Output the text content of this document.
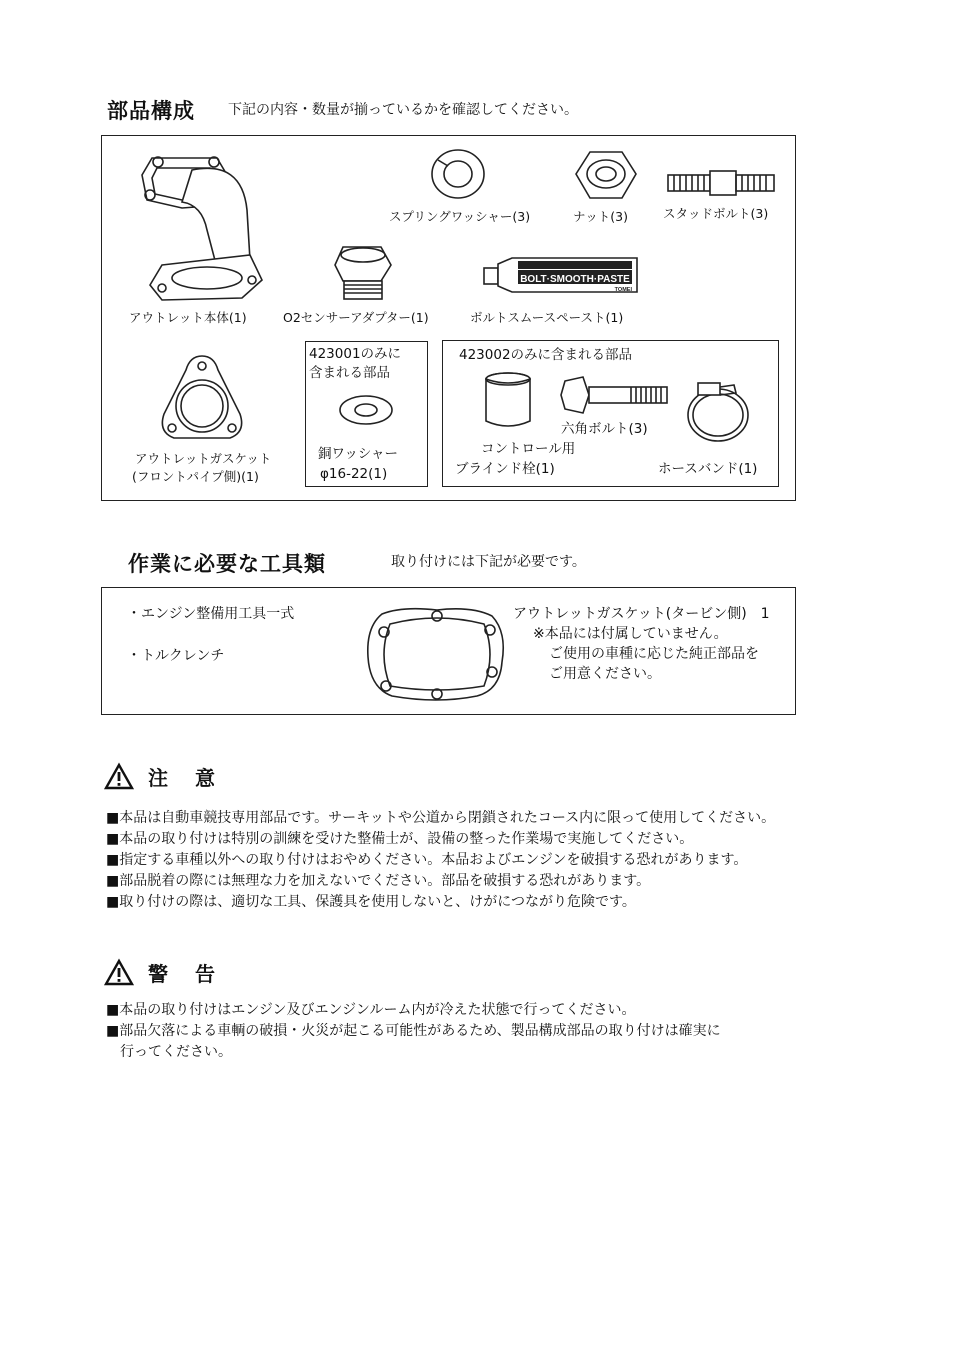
部品構成 下記の内容・数量が揃っているかを確認してください。
アウトレット本体(1)
スプリングワッシャー(3)	ナット(3)	スタッドボルト(3)
O2センサーアダプター(1)
BOLT·SMOOTH·PASTE
TOMEI
ボルトスムースペースト(1)
アウトレットガスケット
(フロントパイプ側)(1)
423001のみに
含まれる部品
銅ワッシャー
φ16-22(1)
423002のみに含まれる部品
コントロール用
ブラインド栓(1)
六角ボルト(3)
ホースバンド(1)
作業に必要な工具類	取り付けには下記が必要です。
・エンジン整備用工具一式
・トルクレンチ
アウトレットガスケット(タービン側)　1
※本品には付属していません。
ご使用の車種に応じた純正部品を
ご用意ください。
注 意
■本品は自動車競技専用部品です。サーキットや公道から閉鎖されたコース内に限って使用してください。
■本品の取り付けは特別の訓練を受けた整備士が、設備の整った作業場で実施してください。
■指定する車種以外への取り付けはおやめください。本品およびエンジンを破損する恐れがあります。
■部品脱着の際には無理な力を加えないでください。部品を破損する恐れがあります。
■取り付けの際は、適切な工具、保護具を使用しないと、けがにつながり危険です。
警 告
■本品の取り付けはエンジン及びエンジンルーム内が冷えた状態で行ってください。
■部品欠落による車輌の破損・火災が起こる可能性があるため、製品構成部品の取り付けは確実に
　行ってください。
